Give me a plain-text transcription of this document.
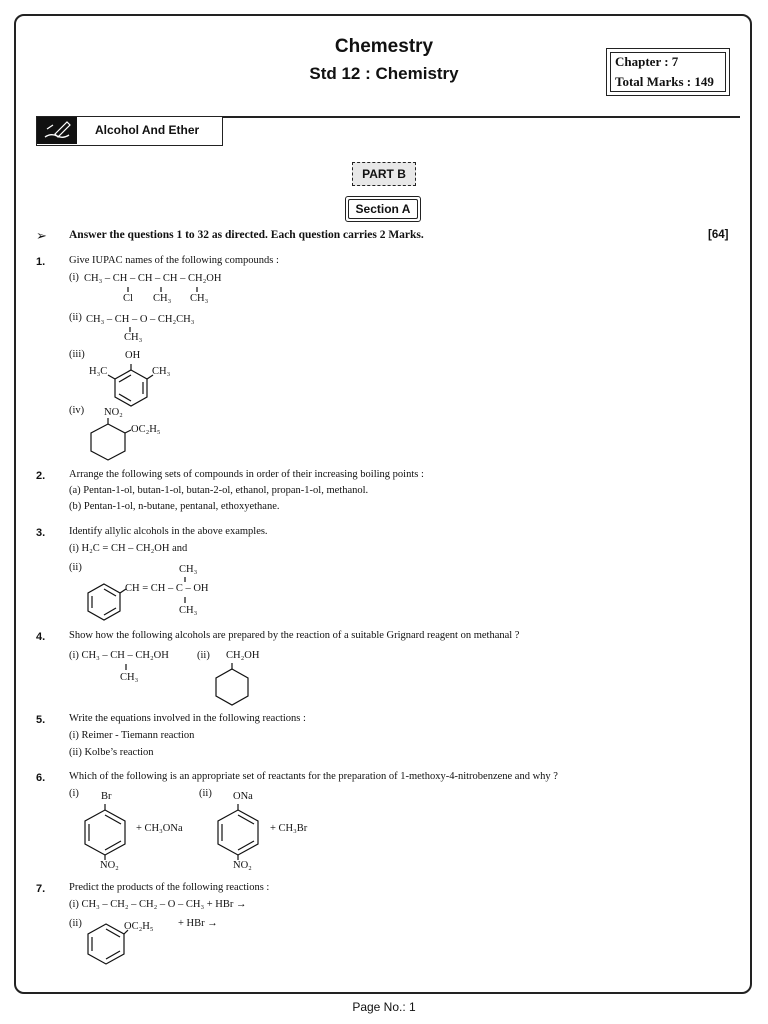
Chemestry
Std 12 : Chemistry
Chapter : 7
Total Marks : 149
Alcohol And Ether
PART B
Section A
➢ Answer the questions 1 to 32 as directed. Each question carries 2 Marks.	[64]
1. Give IUPAC names of the following compounds :
(i) CH₃ – CH – CH – CH – CH₂OH
Cl CH₃ CH₃
(ii) CH₃ – CH – O – CH₂CH₃
CH₃
(iii)	OH
H₃C	CH₃
(iv) NO₂
OC₂H₅
2. Arrange the following sets of compounds in order of their increasing boiling points :
(a) Pentan-1-ol, butan-1-ol, butan-2-ol, ethanol, propan-1-ol, methanol.
(b) Pentan-1-ol, n-butane, pentanal, ethoxyethane.
3. Identify allylic alcohols in the above examples.
(i) H₂C = CH – CH₂OH and
(ii)	CH₃
CH = CH – C – OH
CH₃
4. Show how the following alcohols are prepared by the reaction of a suitable Grignard reagent on methanal ?
(i) CH₃ – CH – CH₂OH
CH₃
(ii) CH₂OH
5. Write the equations involved in the following reactions :
(i) Reimer - Tiemann reaction
(ii) Kolbe’s reaction
6. Which of the following is an appropriate set of reactants for the preparation of 1-methoxy-4-nitrobenzene and why ?
(i) Br
NO₂
+ CH₃ONa
(ii) ONa
NO₂
+ CH₃Br
7. Predict the products of the following reactions :
(i) CH₃ – CH₂ – CH₂ – O – CH₃ + HBr →
(ii)	OC₂H₅ + HBr →
Page No.: 1
